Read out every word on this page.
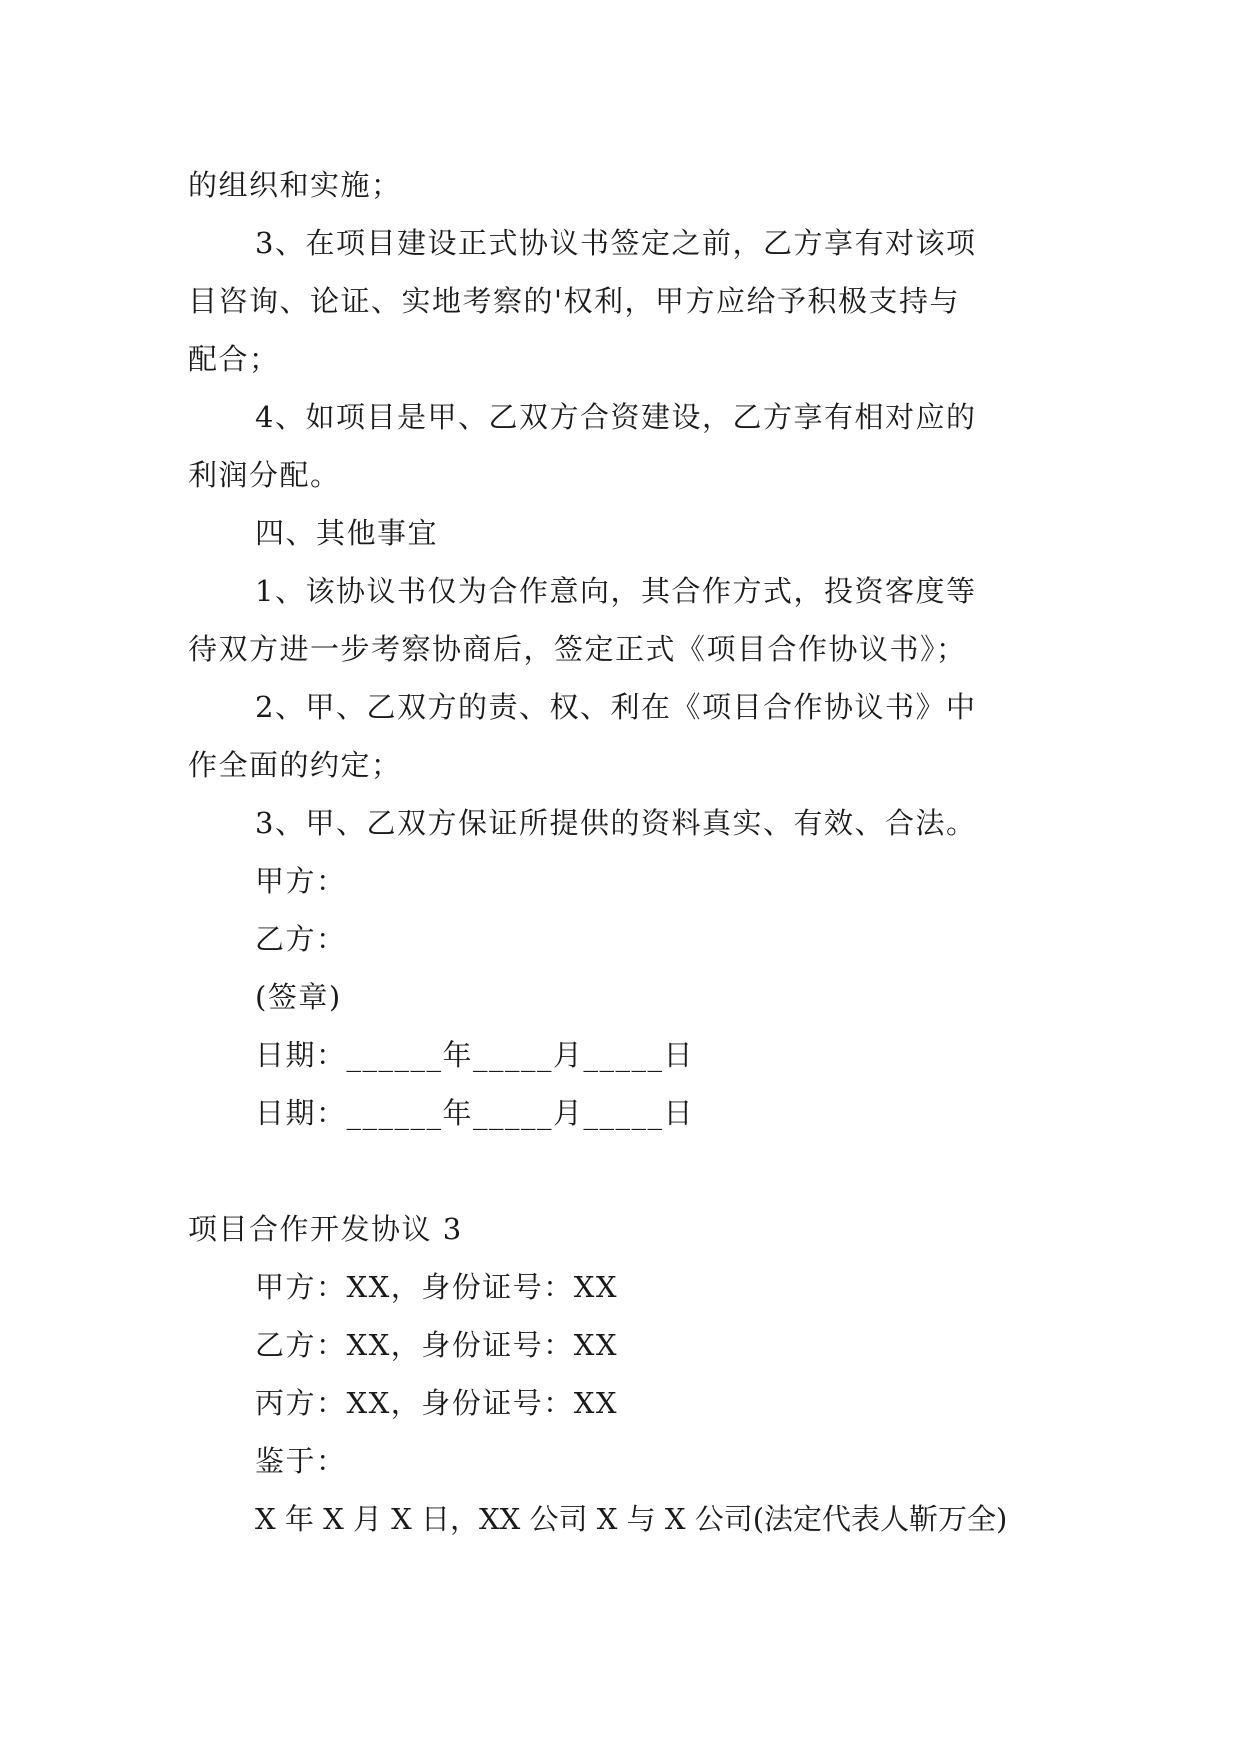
的组织和实施；
3、在项目建设正式协议书签定之前，乙方享有对该项
目咨询、论证、实地考察的'权利，甲方应给予积极支持与
配合；
4、如项目是甲、乙双方合资建设，乙方享有相对应的
利润分配。
四、其他事宜
1、该协议书仅为合作意向，其合作方式，投资客度等
待双方进一步考察协商后，签定正式《项目合作协议书》；
2、甲、乙双方的责、权、利在《项目合作协议书》中
作全面的约定；
3、甲、乙双方保证所提供的资料真实、有效、合法。
甲方：
乙方：
(签章)
日期：______年_____月_____日
日期：______年_____月_____日
项目合作开发协议 3
甲方：XX，身份证号：XX
乙方：XX，身份证号：XX
丙方：XX，身份证号：XX
鉴于：
X 年 X 月 X 日，XX 公司 X 与 X 公司(法定代表人靳万全)
